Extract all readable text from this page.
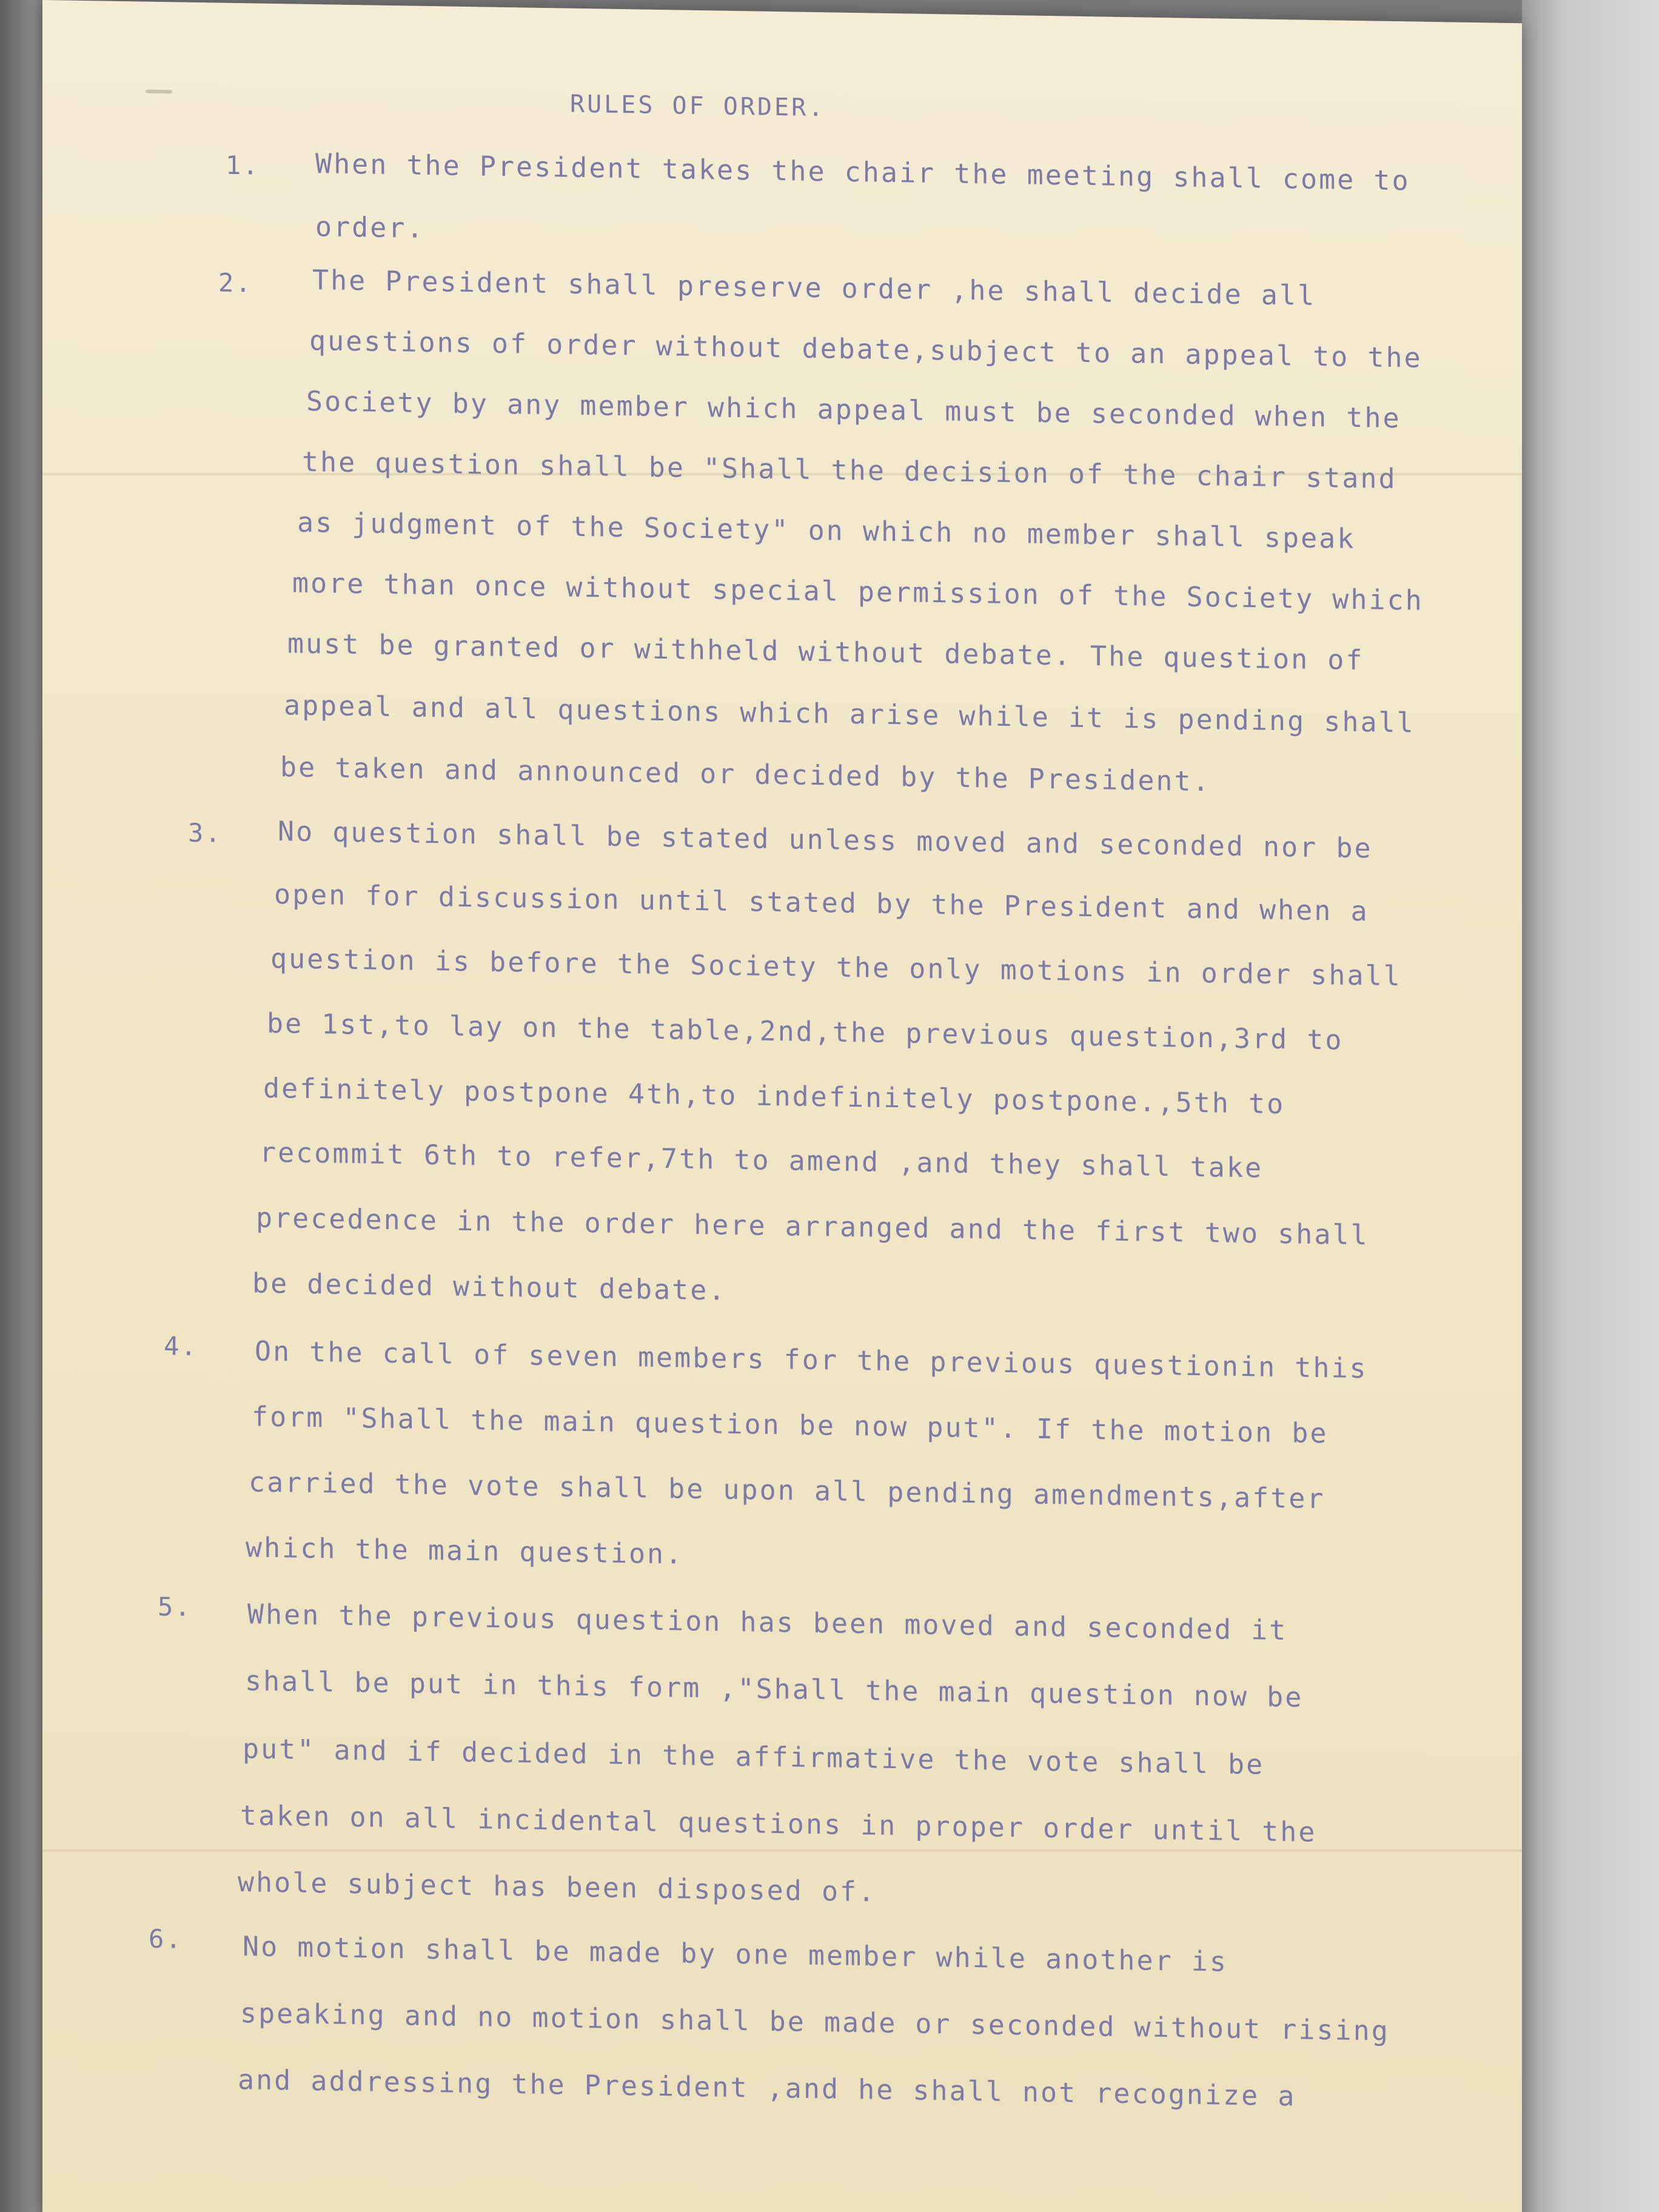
RULES OF ORDER.
1. When the President takes the chair the meeting shall come to
order.
2. The President shall preserve order ,he shall decide all
questions of order without debate,subject to an appeal to the
Society by any member which appeal must be seconded when the
the question shall be "Shall the decision of the chair stand
as judgment of the Society" on which no member shall speak
more than once without special permission of the Society which
must be granted or withheld without debate. The question of
appeal and all questions which arise while it is pending shall
be taken and announced or decided by the President.
3. No question shall be stated unless moved and seconded nor be
open for discussion until stated by the President and when a
question is before the Society the only motions in order shall
be 1st,to lay on the table,2nd,the previous question,3rd to
definitely postpone 4th,to indefinitely postpone.,5th to
recommit 6th to refer,7th to amend ,and they shall take
precedence in the order here arranged and the first two shall
be decided without debate.
4. On the call of seven members for the previous questionin this
form "Shall the main question be now put". If the motion be
carried the vote shall be upon all pending amendments,after
which the main question.
5. When the previous question has been moved and seconded it
shall be put in this form ,"Shall the main question now be
put" and if decided in the affirmative the vote shall be
taken on all incidental questions in proper order until the
whole subject has been disposed of.
6. No motion shall be made by one member while another is
speaking and no motion shall be made or seconded without rising
and addressing the President ,and he shall not recognize a
